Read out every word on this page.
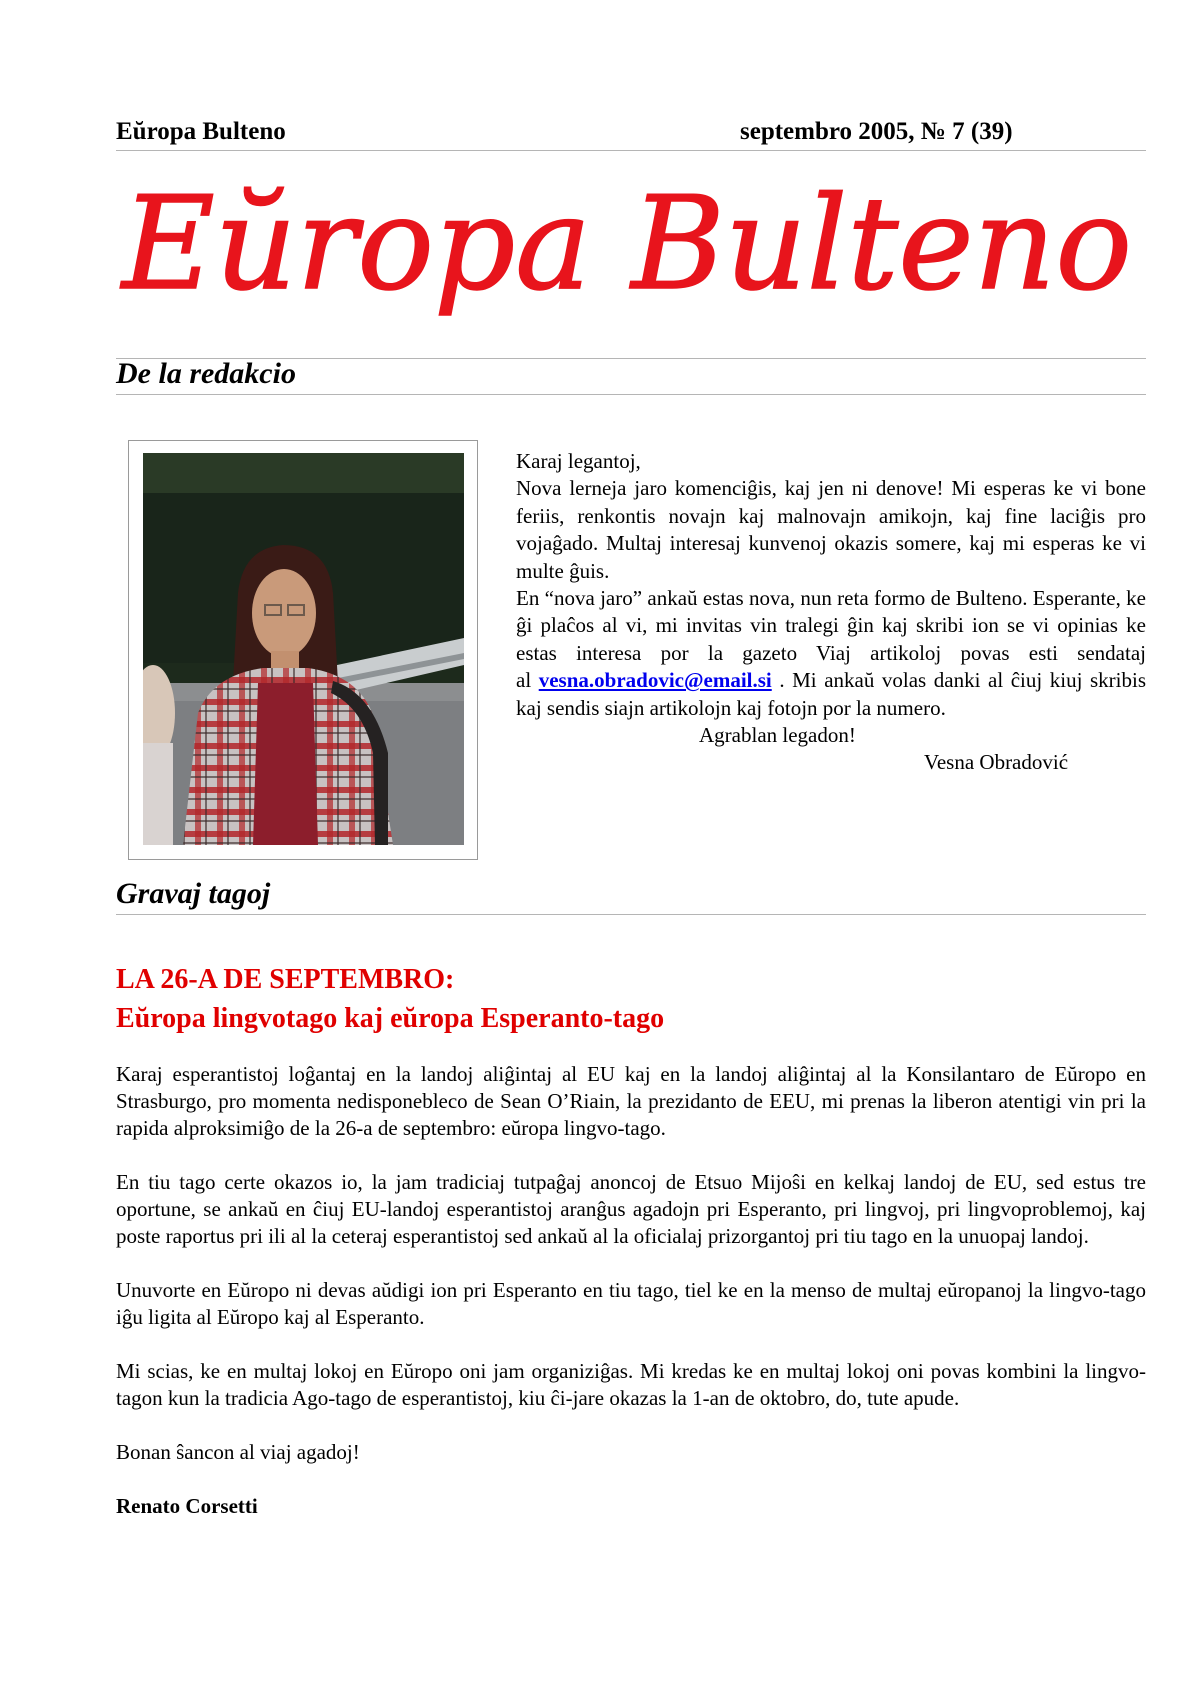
Eŭropa Bulteno	septembro 2005, № 7 (39)
Eŭropa Bulteno
De la redakcio

Karaj legantoj,

Nova lerneja jaro komenciĝis, kaj jen ni denove! Mi esperas ke vi bone feriis, renkontis novajn kaj malnovajn amikojn, kaj fine laciĝis pro vojaĝado. Multaj interesaj kunvenoj okazis somere, kaj mi esperas ke vi multe ĝuis.

En “nova jaro” ankaŭ estas nova, nun reta formo de Bulteno. Esperante, ke ĝi plaĉos al vi, mi invitas vin tralegi ĝin kaj skribi ion se vi opinias ke estas interesa por la gazeto Viaj artikoloj povas esti sendataj al vesna.obradovic@email.si . Mi ankaŭ volas danki al ĉiuj kiuj skribis kaj sendis siajn artikolojn kaj fotojn por la numero.

Agrablan legadon!

Vesna Obradović

Gravaj tagoj
LA 26-A DE SEPTEMBRO:
Eŭropa lingvotago kaj eŭropa Esperanto-tago

Karaj esperantistoj loĝantaj en la landoj aliĝintaj al EU kaj en la landoj aliĝintaj al la Konsilantaro de Eŭropo en Strasburgo, pro momenta nedisponebleco de Sean O’Riain, la prezidanto de EEU, mi prenas la liberon atentigi vin pri la rapida alproksimiĝo de la 26-a de septembro: eŭropa lingvo-tago.

En tiu tago certe okazos io, la jam tradiciaj tutpaĝaj anoncoj de Etsuo Mijoŝi en kelkaj landoj de EU, sed estus tre oportune, se ankaŭ en ĉiuj EU-landoj esperantistoj aranĝus agadojn pri Esperanto, pri lingvoj, pri lingvoproblemoj, kaj poste raportus pri ili al la ceteraj esperantistoj sed ankaŭ al la oficialaj prizorgantoj pri tiu tago en la unuopaj landoj.

Unuvorte en Eŭropo ni devas aŭdigi ion pri Esperanto en tiu tago, tiel ke en la menso de multaj eŭropanoj la lingvo-tago iĝu ligita al Eŭropo kaj al Esperanto.

Mi scias, ke en multaj lokoj en Eŭropo oni jam organiziĝas. Mi kredas ke en multaj lokoj oni povas kombini la lingvo-tagon kun la tradicia Ago-tago de esperantistoj, kiu ĉi-jare okazas la 1-an de oktobro, do, tute apude.

Bonan ŝancon al viaj agadoj!

Renato Corsetti
